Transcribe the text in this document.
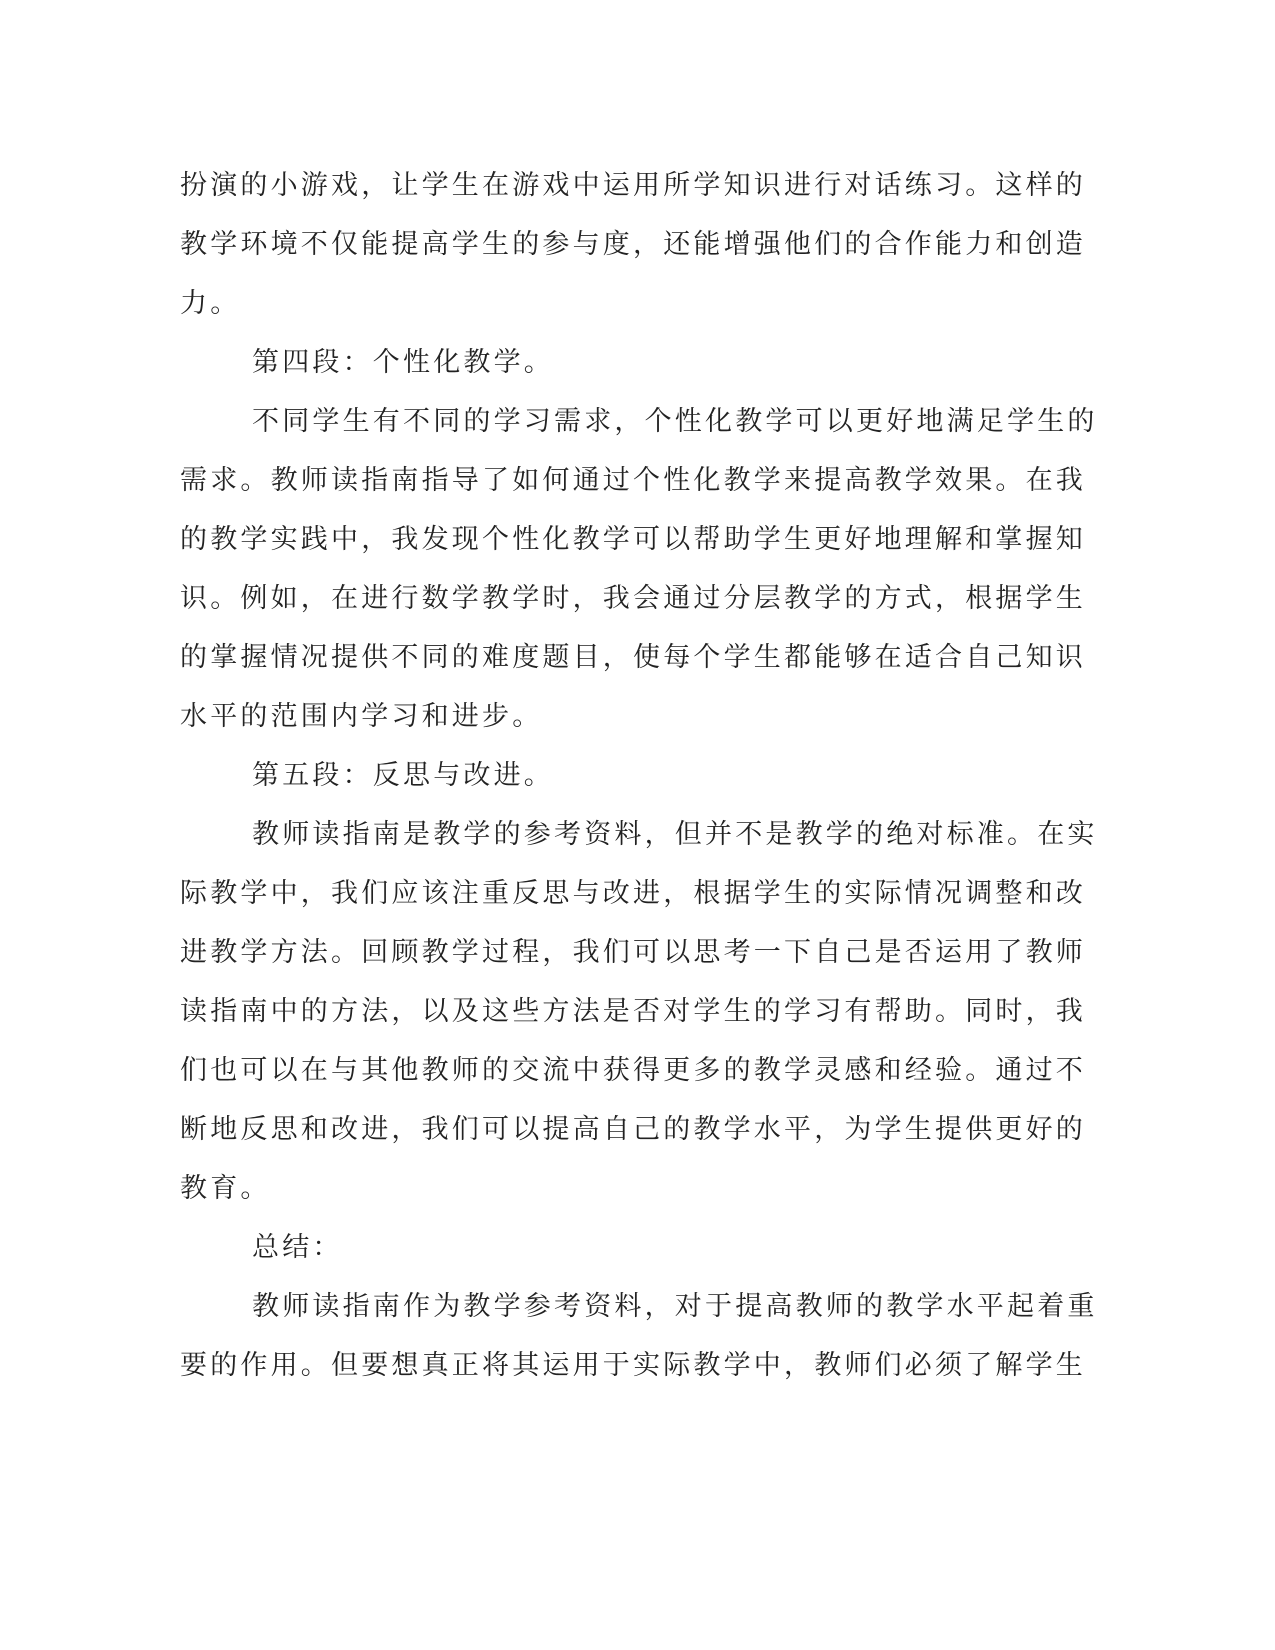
扮演的小游戏，让学生在游戏中运用所学知识进行对话练习。这样的
教学环境不仅能提高学生的参与度，还能增强他们的合作能力和创造
力。
第四段：个性化教学。
不同学生有不同的学习需求，个性化教学可以更好地满足学生的
需求。教师读指南指导了如何通过个性化教学来提高教学效果。在我
的教学实践中，我发现个性化教学可以帮助学生更好地理解和掌握知
识。例如，在进行数学教学时，我会通过分层教学的方式，根据学生
的掌握情况提供不同的难度题目，使每个学生都能够在适合自己知识
水平的范围内学习和进步。
第五段：反思与改进。
教师读指南是教学的参考资料，但并不是教学的绝对标准。在实
际教学中，我们应该注重反思与改进，根据学生的实际情况调整和改
进教学方法。回顾教学过程，我们可以思考一下自己是否运用了教师
读指南中的方法，以及这些方法是否对学生的学习有帮助。同时，我
们也可以在与其他教师的交流中获得更多的教学灵感和经验。通过不
断地反思和改进，我们可以提高自己的教学水平，为学生提供更好的
教育。
总结：
教师读指南作为教学参考资料，对于提高教师的教学水平起着重
要的作用。但要想真正将其运用于实际教学中，教师们必须了解学生
